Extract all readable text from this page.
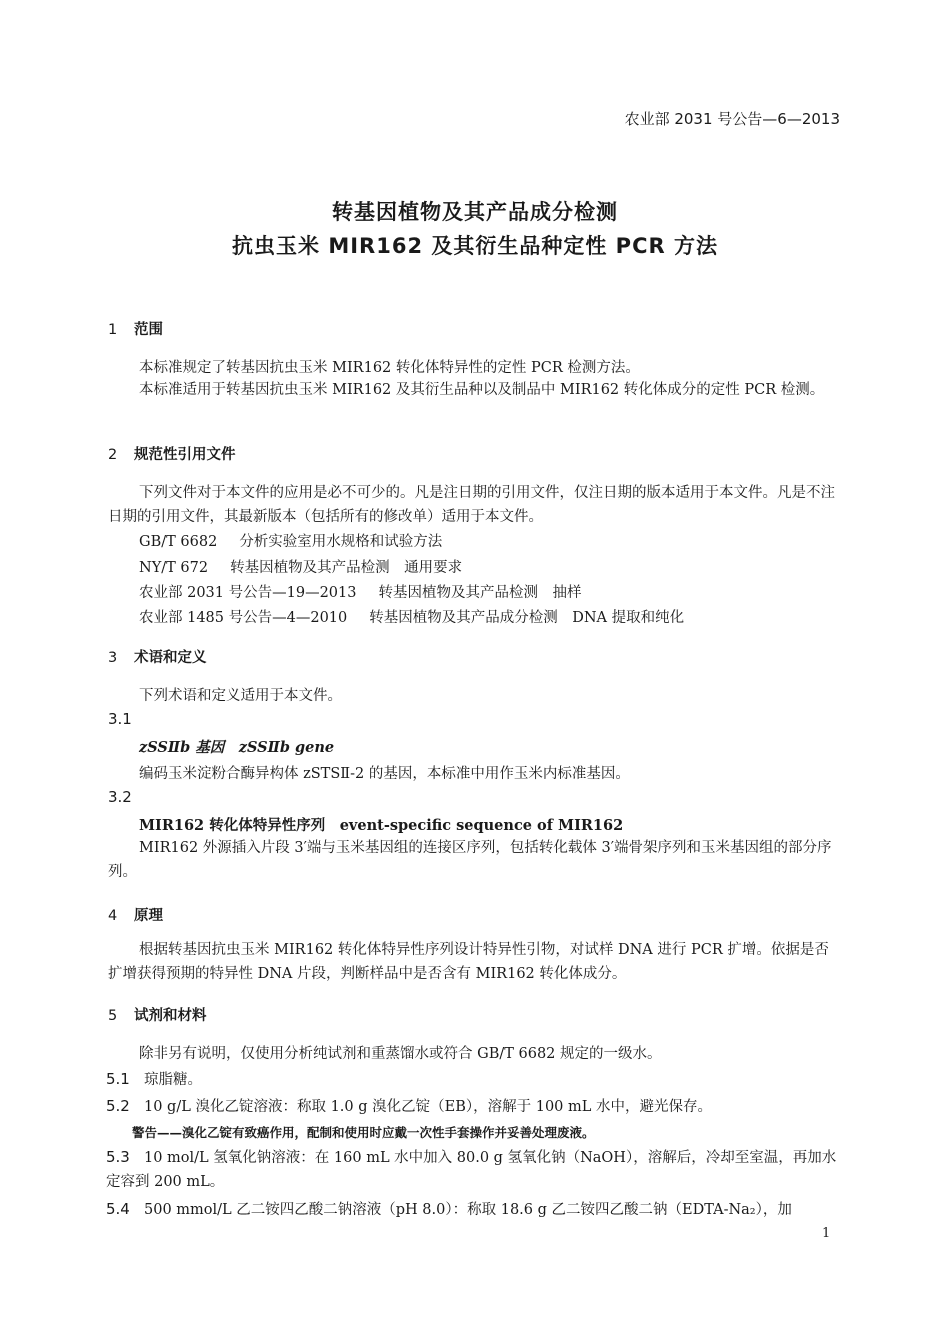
农业部 2031 号公告—6—2013
转基因植物及其产品成分检测
抗虫玉米 MIR162 及其衍生品种定性 PCR 方法
1 范围
本标准规定了转基因抗虫玉米 MIR162 转化体特异性的定性 PCR 检测方法。
本标准适用于转基因抗虫玉米 MIR162 及其衍生品种以及制品中 MIR162 转化体成分的定性 PCR 检测。
2 规范性引用文件
下列文件对于本文件的应用是必不可少的。凡是注日期的引用文件，仅注日期的版本适用于本文件。凡是不注日期的引用文件，其最新版本（包括所有的修改单）适用于本文件。
GB/T 6682 分析实验室用水规格和试验方法
NY/T 672 转基因植物及其产品检测　通用要求
农业部 2031 号公告—19—2013 转基因植物及其产品检测　抽样
农业部 1485 号公告—4—2010 转基因植物及其产品成分检测　DNA 提取和纯化
3 术语和定义
下列术语和定义适用于本文件。
3.1
zSSⅡb 基因　zSSⅡb gene
编码玉米淀粉合酶异构体 zSTSⅡ-2 的基因，本标准中用作玉米内标准基因。
3.2
MIR162 转化体特异性序列　event-specific sequence of MIR162
MIR162 外源插入片段 3′端与玉米基因组的连接区序列，包括转化载体 3′端骨架序列和玉米基因组的部分序列。
4 原理
根据转基因抗虫玉米 MIR162 转化体特异性序列设计特异性引物，对试样 DNA 进行 PCR 扩增。依据是否扩增获得预期的特异性 DNA 片段，判断样品中是否含有 MIR162 转化体成分。
5 试剂和材料
除非另有说明，仅使用分析纯试剂和重蒸馏水或符合 GB/T 6682 规定的一级水。
5.1 琼脂糖。
5.2 10 g/L 溴化乙锭溶液：称取 1.0 g 溴化乙锭（EB），溶解于 100 mL 水中，避光保存。
警告——溴化乙锭有致癌作用，配制和使用时应戴一次性手套操作并妥善处理废液。
5.3 10 mol/L 氢氧化钠溶液：在 160 mL 水中加入 80.0 g 氢氧化钠（NaOH），溶解后，冷却至室温，再加水定容到 200 mL。
5.4 500 mmol/L 乙二铵四乙酸二钠溶液（pH 8.0）：称取 18.6 g 乙二铵四乙酸二钠（EDTA-Na₂），加
1
